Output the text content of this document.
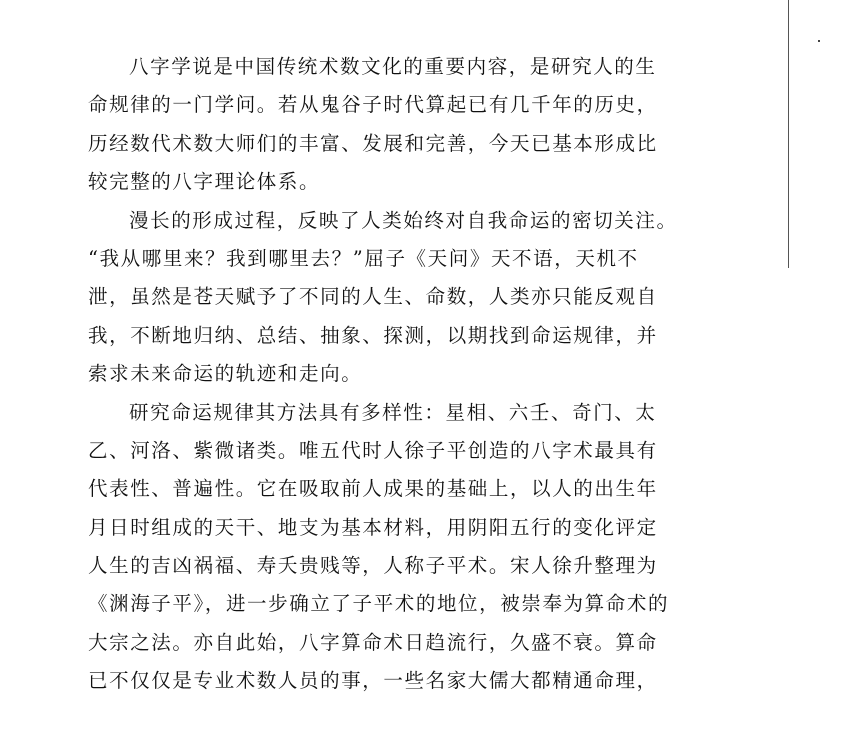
八字学说是中国传统术数文化的重要内容，是研究人的生
命规律的一门学问。若从鬼谷子时代算起已有几千年的历史，
历经数代术数大师们的丰富、发展和完善，今天已基本形成比
较完整的八字理论体系。
漫长的形成过程，反映了人类始终对自我命运的密切关注。
“我从哪里来？我到哪里去？”屈子《天问》天不语，天机不
泄，虽然是苍天赋予了不同的人生、命数，人类亦只能反观自
我，不断地归纳、总结、抽象、探测，以期找到命运规律，并
索求未来命运的轨迹和走向。
研究命运规律其方法具有多样性：星相、六壬、奇门、太
乙、河洛、紫微诸类。唯五代时人徐子平创造的八字术最具有
代表性、普遍性。它在吸取前人成果的基础上，以人的出生年
月日时组成的天干、地支为基本材料，用阴阳五行的变化评定
人生的吉凶祸福、寿夭贵贱等，人称子平术。宋人徐升整理为
《渊海子平》，进一步确立了子平术的地位，被崇奉为算命术的
大宗之法。亦自此始，八字算命术日趋流行，久盛不衰。算命
已不仅仅是专业术数人员的事，一些名家大儒大都精通命理，
